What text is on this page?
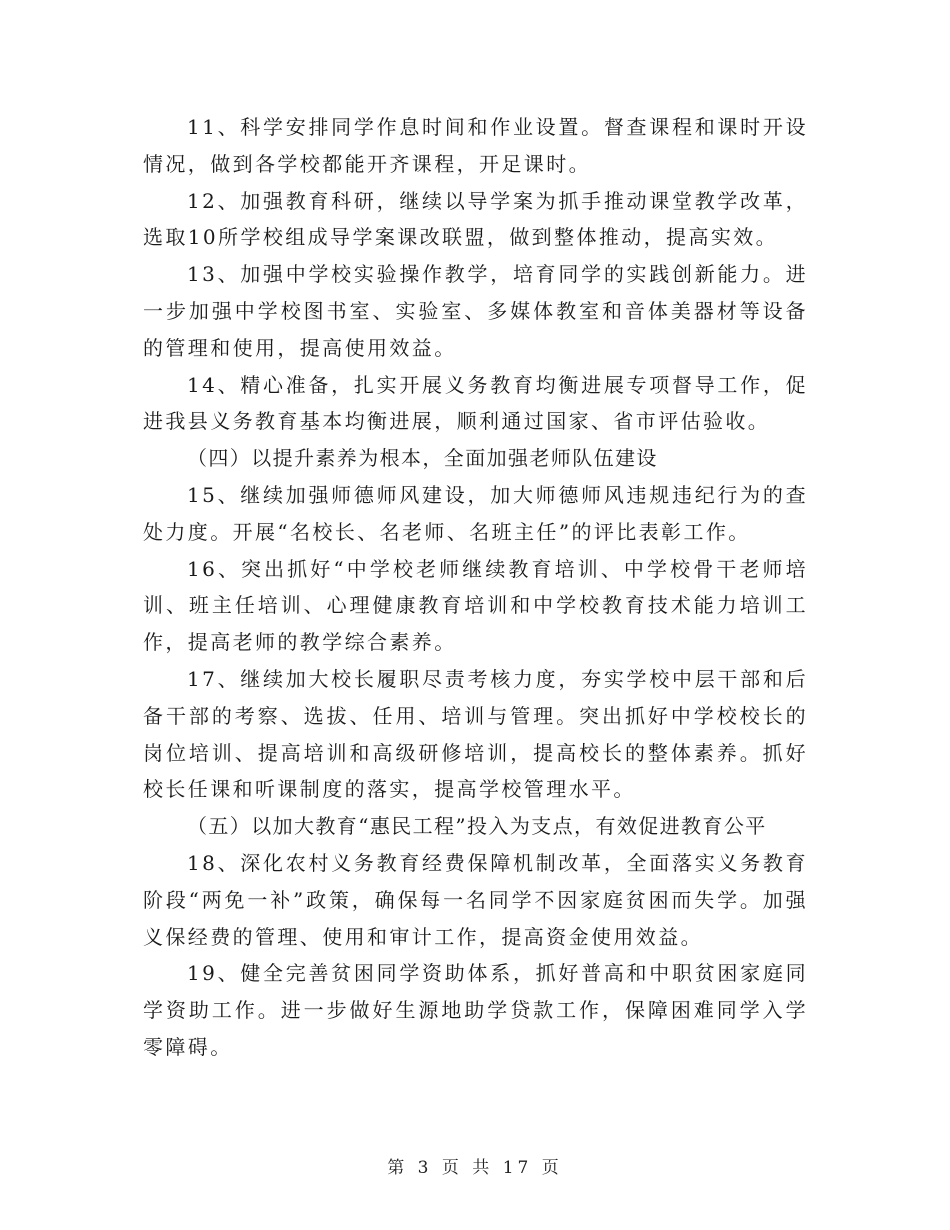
11、科学安排同学作息时间和作业设置。督查课程和课时开设情况，做到各学校都能开齐课程，开足课时。

12、加强教育科研，继续以导学案为抓手推动课堂教学改革，选取10所学校组成导学案课改联盟，做到整体推动，提高实效。

13、加强中学校实验操作教学，培育同学的实践创新能力。进一步加强中学校图书室、实验室、多媒体教室和音体美器材等设备的管理和使用，提高使用效益。

14、精心准备，扎实开展义务教育均衡进展专项督导工作，促进我县义务教育基本均衡进展，顺利通过国家、省市评估验收。

（四）以提升素养为根本，全面加强老师队伍建设

15、继续加强师德师风建设，加大师德师风违规违纪行为的查处力度。开展“名校长、名老师、名班主任”的评比表彰工作。

16、突出抓好“中学校老师继续教育培训、中学校骨干老师培训、班主任培训、心理健康教育培训和中学校教育技术能力培训工作，提高老师的教学综合素养。

17、继续加大校长履职尽责考核力度，夯实学校中层干部和后备干部的考察、选拔、任用、培训与管理。突出抓好中学校校长的岗位培训、提高培训和高级研修培训，提高校长的整体素养。抓好校长任课和听课制度的落实，提高学校管理水平。

（五）以加大教育“惠民工程”投入为支点，有效促进教育公平

18、深化农村义务教育经费保障机制改革，全面落实义务教育阶段“两免一补”政策，确保每一名同学不因家庭贫困而失学。加强义保经费的管理、使用和审计工作，提高资金使用效益。

19、健全完善贫困同学资助体系，抓好普高和中职贫困家庭同学资助工作。进一步做好生源地助学贷款工作，保障困难同学入学零障碍。

第 3 页 共 17 页
